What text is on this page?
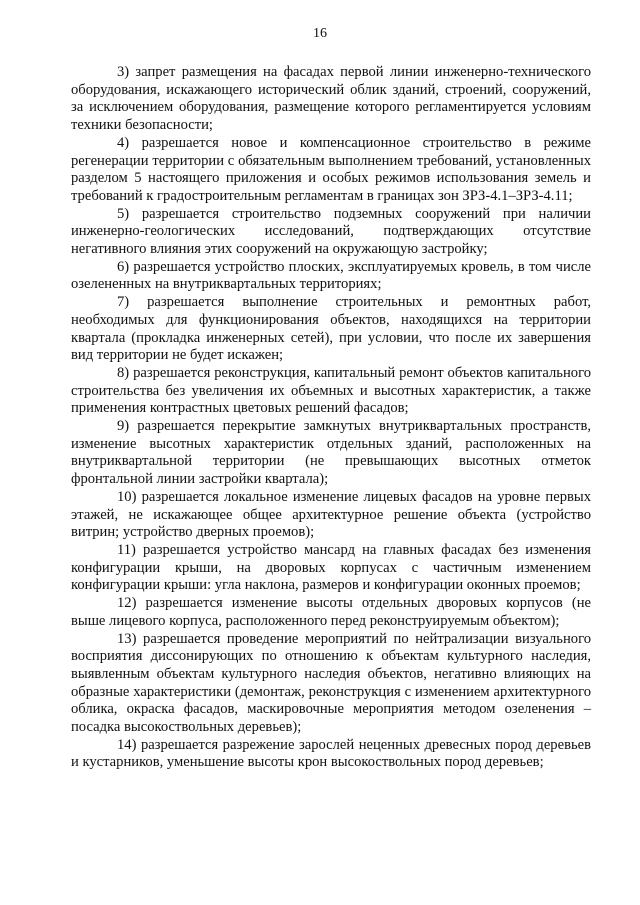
16

3) запрет размещения на фасадах первой линии инженерно-технического оборудования, искажающего исторический облик зданий, строений, сооружений, за исключением оборудования, размещение которого регламентируется условиям техники безопасности;

4) разрешается новое и компенсационное строительство в режиме регенерации территории с обязательным выполнением требований, установленных разделом 5 настоящего приложения и особых режимов использования земель и требований к градостроительным регламентам в границах зон ЗРЗ-4.1–ЗРЗ-4.11;

5) разрешается строительство подземных сооружений при наличии инженерно-геологических исследований, подтверждающих отсутствие негативного влияния этих сооружений на окружающую застройку;

6) разрешается устройство плоских, эксплуатируемых кровель, в том числе озелененных на внутриквартальных территориях;

7) разрешается выполнение строительных и ремонтных работ, необходимых для функционирования объектов, находящихся на территории квартала (прокладка инженерных сетей), при условии, что после их завершения вид территории не будет искажен;

8) разрешается реконструкция, капитальный ремонт объектов капитального строительства без увеличения их объемных и высотных характеристик, а также применения контрастных цветовых решений фасадов;

9) разрешается перекрытие замкнутых внутриквартальных пространств, изменение высотных характеристик отдельных зданий, расположенных на внутриквартальной территории (не превышающих высотных отметок фронтальной линии застройки квартала);

10) разрешается локальное изменение лицевых фасадов на уровне первых этажей, не искажающее общее архитектурное решение объекта (устройство витрин; устройство дверных проемов);

11) разрешается устройство мансард на главных фасадах без изменения конфигурации крыши, на дворовых корпусах с частичным изменением конфигурации крыши: угла наклона, размеров и конфигурации оконных проемов;

12) разрешается изменение высоты отдельных дворовых корпусов (не выше лицевого корпуса, расположенного перед реконструируемым объектом);

13) разрешается проведение мероприятий по нейтрализации визуального восприятия диссонирующих по отношению к объектам культурного наследия, выявленным объектам культурного наследия объектов, негативно влияющих на образные характеристики (демонтаж, реконструкция с изменением архитектурного облика, окраска фасадов, маскировочные мероприятия методом озеленения – посадка высокоствольных деревьев);

14) разрешается разрежение зарослей неценных древесных пород деревьев и кустарников, уменьшение высоты крон высокоствольных пород деревьев;
